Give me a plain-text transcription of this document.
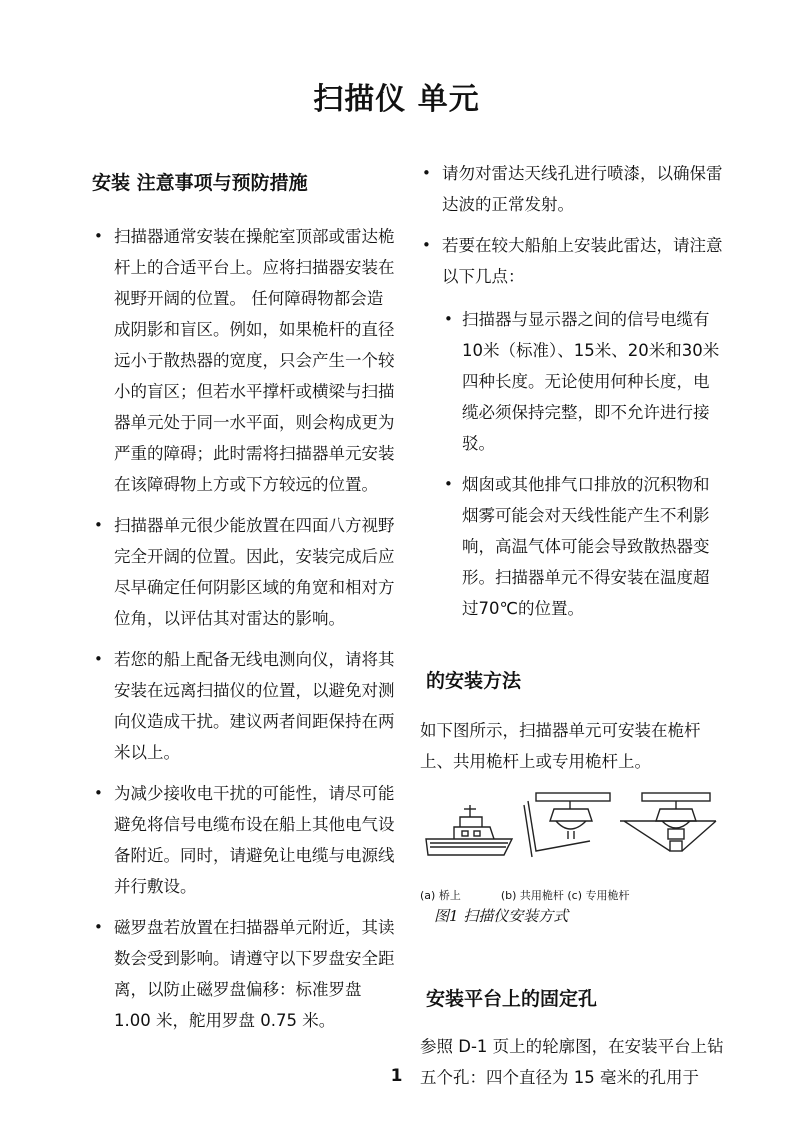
扫描仪 单元
安装 注意事项与预防措施
• 扫描器通常安装在操舵室顶部或雷达桅杆上的合适平台上。应将扫描器安装在视野开阔的位置。 任何障碍物都会造成阴影和盲区。例如，如果桅杆的直径远小于散热器的宽度，只会产生一个较小的盲区；但若水平撑杆或横梁与扫描器单元处于同一水平面，则会构成更为严重的障碍；此时需将扫描器单元安装在该障碍物上方或下方较远的位置。
• 扫描器单元很少能放置在四面八方视野完全开阔的位置。因此，安装完成后应尽早确定任何阴影区域的角宽和相对方位角，以评估其对雷达的影响。
• 若您的船上配备无线电测向仪，请将其安装在远离扫描仪的位置，以避免对测向仪造成干扰。建议两者间距保持在两米以上。
• 为减少接收电干扰的可能性，请尽可能避免将信号电缆布设在船上其他电气设备附近。同时，请避免让电缆与电源线并行敷设。
• 磁罗盘若放置在扫描器单元附近，其读数会受到影响。请遵守以下罗盘安全距离，以防止磁罗盘偏移：标准罗盘 1.00 米，舵用罗盘 0.75 米。
• 请勿对雷达天线孔进行喷漆，以确保雷达波的正常发射。
• 若要在较大船舶上安装此雷达，请注意以下几点：
• 扫描器与显示器之间的信号电缆有10米（标准）、15米、20米和30米四种长度。无论使用何种长度，电缆必须保持完整，即不允许进行接驳。
• 烟囱或其他排气口排放的沉积物和烟雾可能会对天线性能产生不利影响，高温气体可能会导致散热器变形。扫描器单元不得安装在温度超过70℃的位置。
的安装方法

如下图所示，扫描器单元可安装在桅杆上、共用桅杆上或专用桅杆上。

(a) 桥上	(b) 共用桅杆 (c) 专用桅杆
图1 扫描仪安装方式
安装平台上的固定孔

参照 D-1 页上的轮廓图，在安装平台上钻五个孔：四个直径为 15 毫米的孔用于

1
